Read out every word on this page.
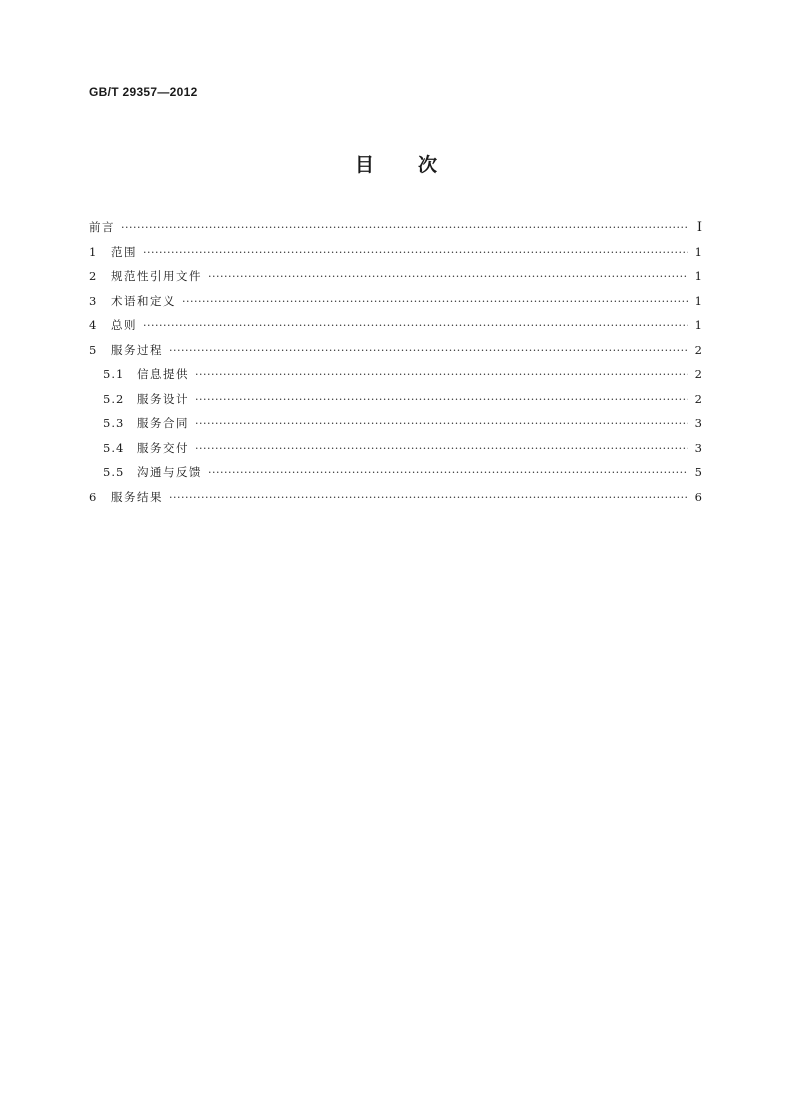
GB/T 29357—2012

目次
前言 ·····	Ⅰ
1	范围 ·····	1
2	规范性引用文件 ·····	1
3	术语和定义 ·····	1
4	总则 ·····	1
5	服务过程 ·····	2
5.1	信息提供 ·····	2
5.2	服务设计 ·····	2
5.3	服务合同 ·····	3
5.4	服务交付 ·····	3
5.5	沟通与反馈 ·····	5
6	服务结果 ·····	6
